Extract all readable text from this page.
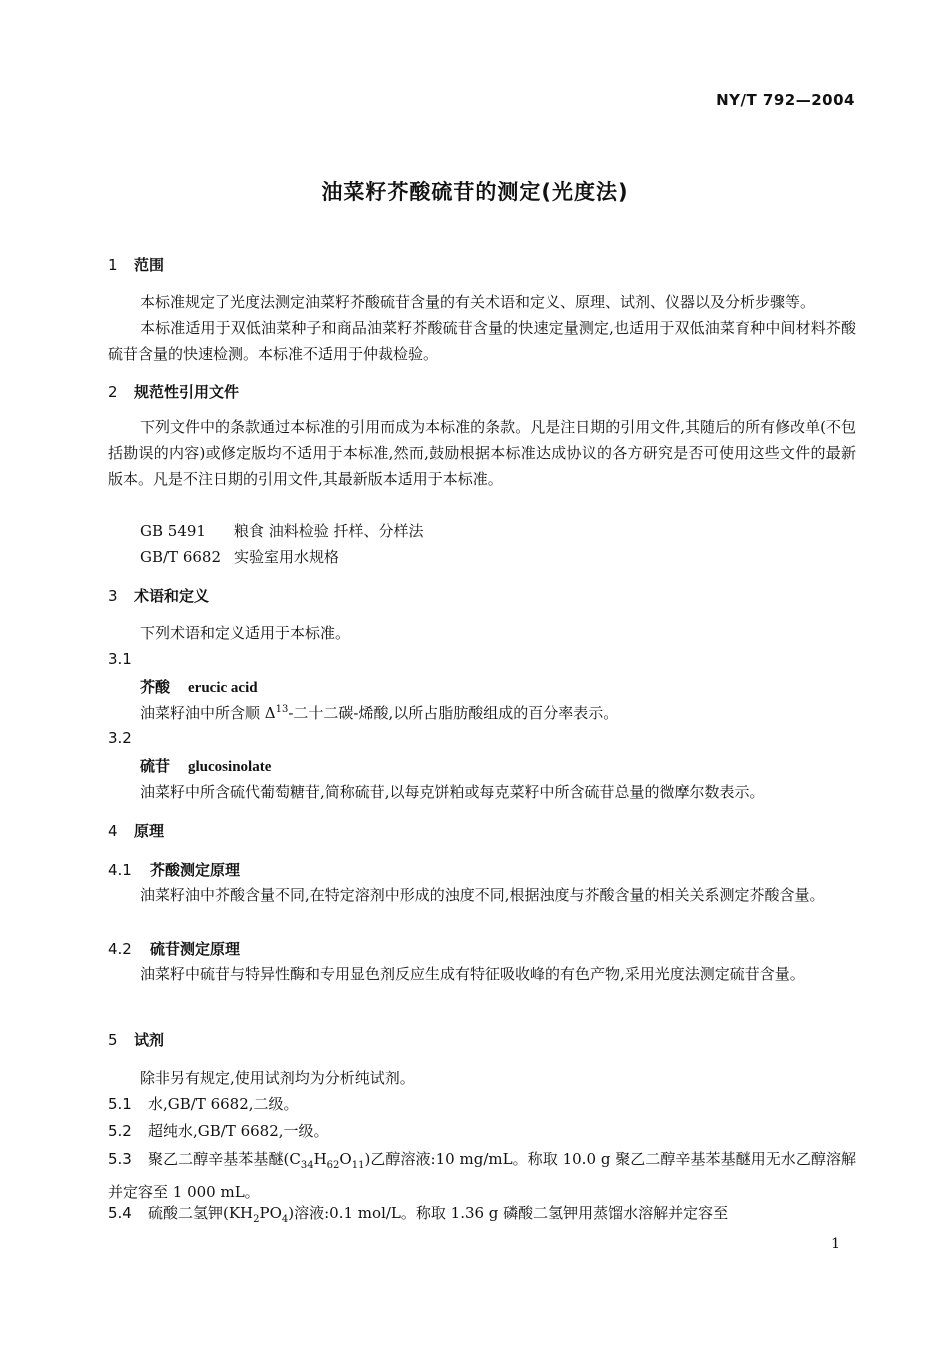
NY/T 792—2004
油菜籽芥酸硫苷的测定(光度法)
1 范围
本标准规定了光度法测定油菜籽芥酸硫苷含量的有关术语和定义、原理、试剂、仪器以及分析步骤等。
本标准适用于双低油菜种子和商品油菜籽芥酸硫苷含量的快速定量测定,也适用于双低油菜育种中间材料芥酸硫苷含量的快速检测。本标准不适用于仲裁检验。
2 规范性引用文件
下列文件中的条款通过本标准的引用而成为本标准的条款。凡是注日期的引用文件,其随后的所有修改单(不包括勘误的内容)或修定版均不适用于本标准,然而,鼓励根据本标准达成协议的各方研究是否可使用这些文件的最新版本。凡是不注日期的引用文件,其最新版本适用于本标准。
GB 5491 粮食 油料检验 扦样、分样法
GB/T 6682 实验室用水规格
3 术语和定义
下列术语和定义适用于本标准。
3.1
芥酸 erucic acid
油菜籽油中所含顺 $\Delta^{13}-$二十二碳-烯酸,以所占脂肪酸组成的百分率表示。
3.2
硫苷 glucosinolate
油菜籽中所含硫代葡萄糖苷,简称硫苷,以每克饼粕或每克菜籽中所含硫苷总量的微摩尔数表示。
4 原理
4.1 芥酸测定原理
油菜籽油中芥酸含量不同,在特定溶剂中形成的浊度不同,根据浊度与芥酸含量的相关关系测定芥酸含量。
4.2 硫苷测定原理
油菜籽中硫苷与特异性酶和专用显色剂反应生成有特征吸收峰的有色产物,采用光度法测定硫苷含量。
5 试剂
除非另有规定,使用试剂均为分析纯试剂。
5.1 水,GB/T 6682,二级。
5.2 超纯水,GB/T 6682,一级。
5.3 聚乙二醇辛基苯基醚$(C_{34}H_{62}O_{11})$乙醇溶液:10 mg/mL。称取 10.0 g 聚乙二醇辛基苯基醚用无水乙醇溶解并定容至 1 000 mL。
5.4 硫酸二氢钾$(KH_2PO_4)$溶液:0.1 mol/L。称取 1.36 g 磷酸二氢钾用蒸馏水溶解并定容至
1
